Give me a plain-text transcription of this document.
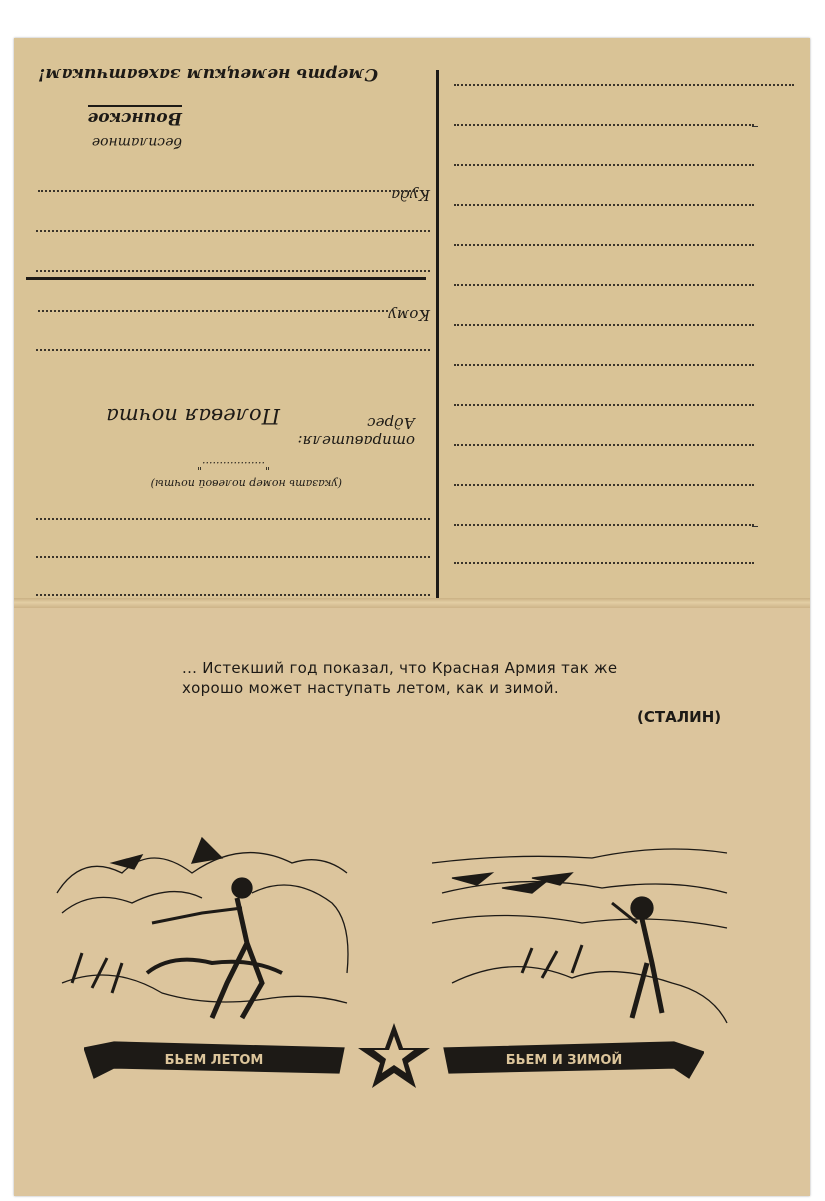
Смерть немецким захватчикам!
Воинское
бесплатное
Куда
Кому
Полевая почта	Адрес
отправителя:
".................."
(указать номер полевой почты)
... Истекший год показал, что Красная Армия так же
хорошо может наступать летом, как и зимой.
(СТАЛИН)
БЬЕМ ЛЕТОМ	БЬЕМ И ЗИМОЙ
